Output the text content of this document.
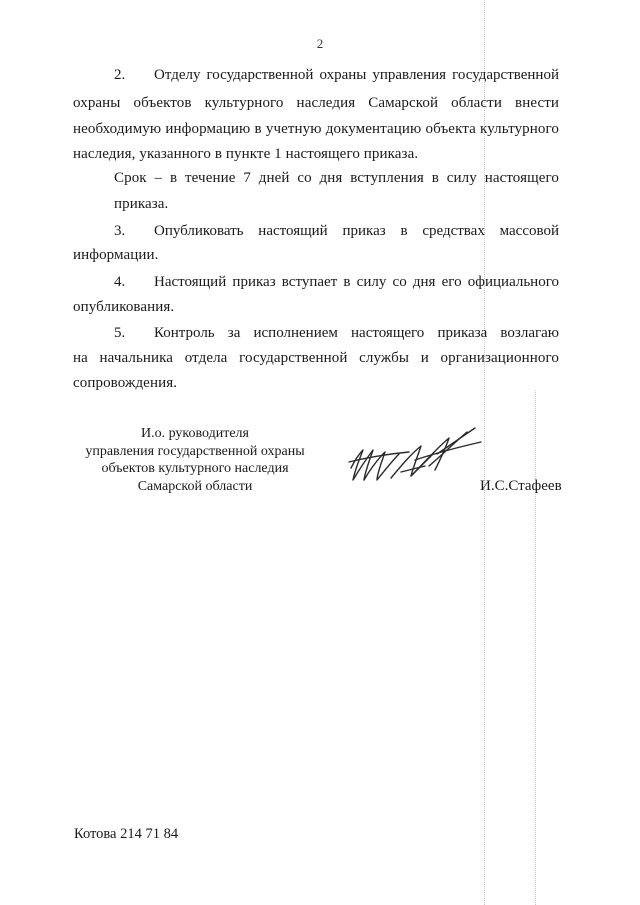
2
2. Отделу государственной охраны управления государственной
охраны объектов культурного наследия Самарской области внести
необходимую информацию в учетную документацию объекта культурного
наследия, указанного в пункте 1 настоящего приказа.
Срок – в течение 7 дней со дня вступления в силу настоящего
приказа.
3. Опубликовать настоящий приказ в средствах массовой
информации.
4. Настоящий приказ вступает в силу со дня его официального
опубликования.
5. Контроль за исполнением настоящего приказа возлагаю
на начальника отдела государственной службы и организационного
сопровождения.
И.о. руководителя
управления государственной охраны
объектов культурного наследия
Самарской области	И.С.Стафеев
Котова 214 71 84
